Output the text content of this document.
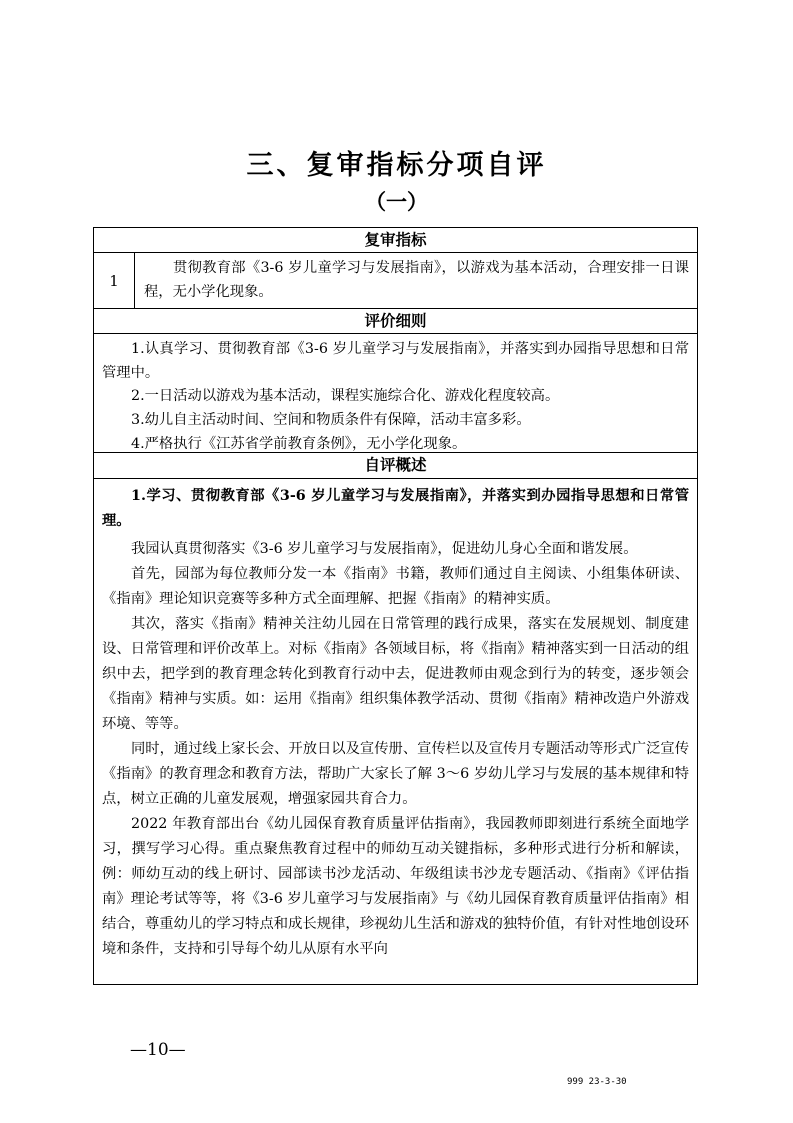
三、复审指标分项自评
（一）
复审指标
1

贯彻教育部《3-6 岁儿童学习与发展指南》，以游戏为基本活动，合理安排一日课程，无小学化现象。

评价细则

1.认真学习、贯彻教育部《3-6 岁儿童学习与发展指南》，并落实到办园指导思想和日常管理中。

2.一日活动以游戏为基本活动，课程实施综合化、游戏化程度较高。

3.幼儿自主活动时间、空间和物质条件有保障，活动丰富多彩。

4.严格执行《江苏省学前教育条例》，无小学化现象。

自评概述

1.学习、贯彻教育部《3-6 岁儿童学习与发展指南》，并落实到办园指导思想和日常管理。

我园认真贯彻落实《3-6 岁儿童学习与发展指南》，促进幼儿身心全面和谐发展。

首先，园部为每位教师分发一本《指南》书籍，教师们通过自主阅读、小组集体研读、《指南》理论知识竞赛等多种方式全面理解、把握《指南》的精神实质。

其次，落实《指南》精神关注幼儿园在日常管理的践行成果，落实在发展规划、制度建设、日常管理和评价改革上。对标《指南》各领域目标，将《指南》精神落实到一日活动的组织中去，把学到的教育理念转化到教育行动中去，促进教师由观念到行为的转变，逐步领会《指南》精神与实质。如：运用《指南》组织集体教学活动、贯彻《指南》精神改造户外游戏环境、等等。

同时，通过线上家长会、开放日以及宣传册、宣传栏以及宣传月专题活动等形式广泛宣传《指南》的教育理念和教育方法，帮助广大家长了解 3～6 岁幼儿学习与发展的基本规律和特点，树立正确的儿童发展观，增强家园共育合力。

2022 年教育部出台《幼儿园保育教育质量评估指南》，我园教师即刻进行系统全面地学习，撰写学习心得。重点聚焦教育过程中的师幼互动关键指标，多种形式进行分析和解读，例：师幼互动的线上研讨、园部读书沙龙活动、年级组读书沙龙专题活动、《指南》《评估指南》理论考试等等，将《3-6 岁儿童学习与发展指南》与《幼儿园保育教育质量评估指南》相结合，尊重幼儿的学习特点和成长规律，珍视幼儿生活和游戏的独特价值，有针对性地创设环境和条件，支持和引导每个幼儿从原有水平向

—10—
999 23-3-30
